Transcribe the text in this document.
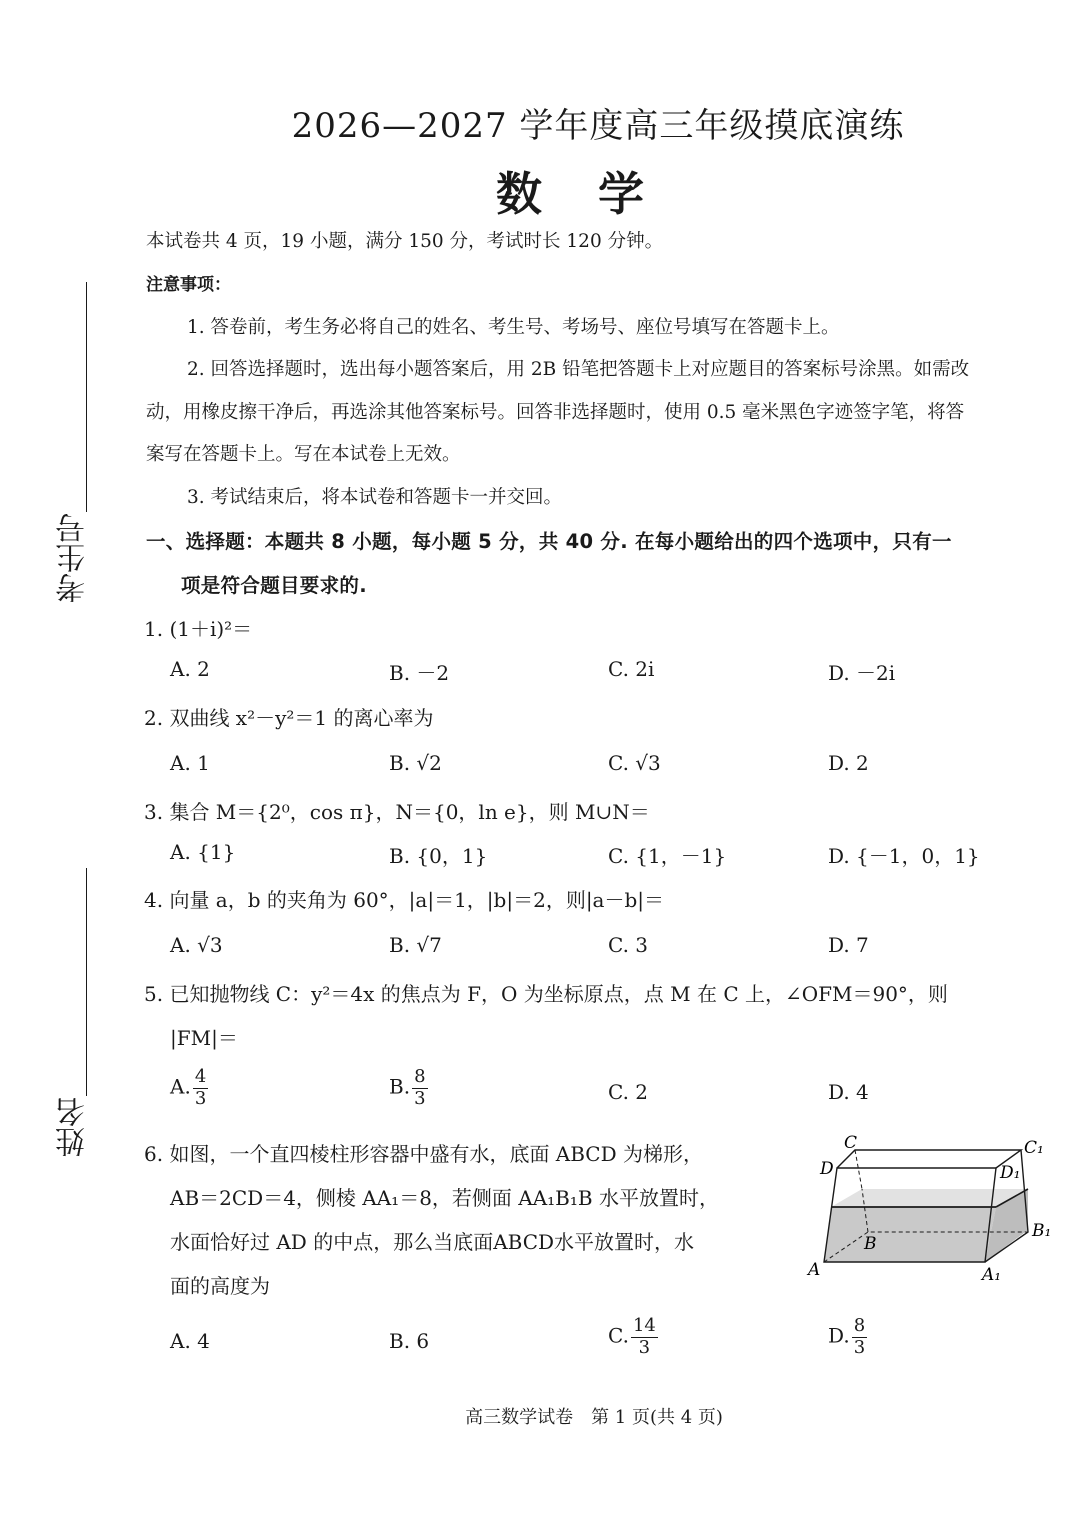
2026—2027 学年度高三年级摸底演练
数学
本试卷共 4 页，19 小题，满分 150 分，考试时长 120 分钟。
注意事项：
1. 答卷前，考生务必将自己的姓名、考生号、考场号、座位号填写在答题卡上。
2. 回答选择题时，选出每小题答案后，用 2B 铅笔把答题卡上对应题目的答案标号涂黑。如需改
动，用橡皮擦干净后，再选涂其他答案标号。回答非选择题时，使用 0.5 毫米黑色字迹签字笔，将答
案写在答题卡上。写在本试卷上无效。
3. 考试结束后，将本试卷和答题卡一并交回。
一、选择题：本题共 8 小题，每小题 5 分，共 40 分. 在每小题给出的四个选项中，只有一
项是符合题目要求的.
考生号
姓名
1. (1＋i)²＝
A. 2	B. －2	C. 2i	D. －2i
2. 双曲线 x²－y²＝1 的离心率为
A. 1	B. √2	C. √3	D. 2
3. 集合 M＝{2⁰，cos π}，N＝{0，ln e}，则 M∪N＝
A. {1}	B. {0，1}	C. {1，－1}	D. {－1，0，1}
4. 向量 a，b 的夹角为 60°，|a|＝1，|b|＝2，则|a－b|＝
A. √3	B. √7	C. 3	D. 7
5. 已知抛物线 C：y²＝4x 的焦点为 F，O 为坐标原点，点 M 在 C 上，∠OFM＝90°，则
|FM|＝
A. $\frac{4}{3}$	B. $\frac{8}{3}$	C. 2	D. 4
6. 如图，一个直四棱柱形容器中盛有水，底面 ABCD 为梯形，
AB＝2CD＝4，侧棱 AA₁＝8，若侧面 AA₁B₁B 水平放置时，
水面恰好过 AD 的中点，那么当底面ABCD水平放置时，水
面的高度为
C	C₁
D	D₁
B
B₁
A	A₁
A. 4	B. 6	C. $\frac{14}{3}$	D. $\frac{8}{3}$
高三数学试卷　第 1 页(共 4 页)
